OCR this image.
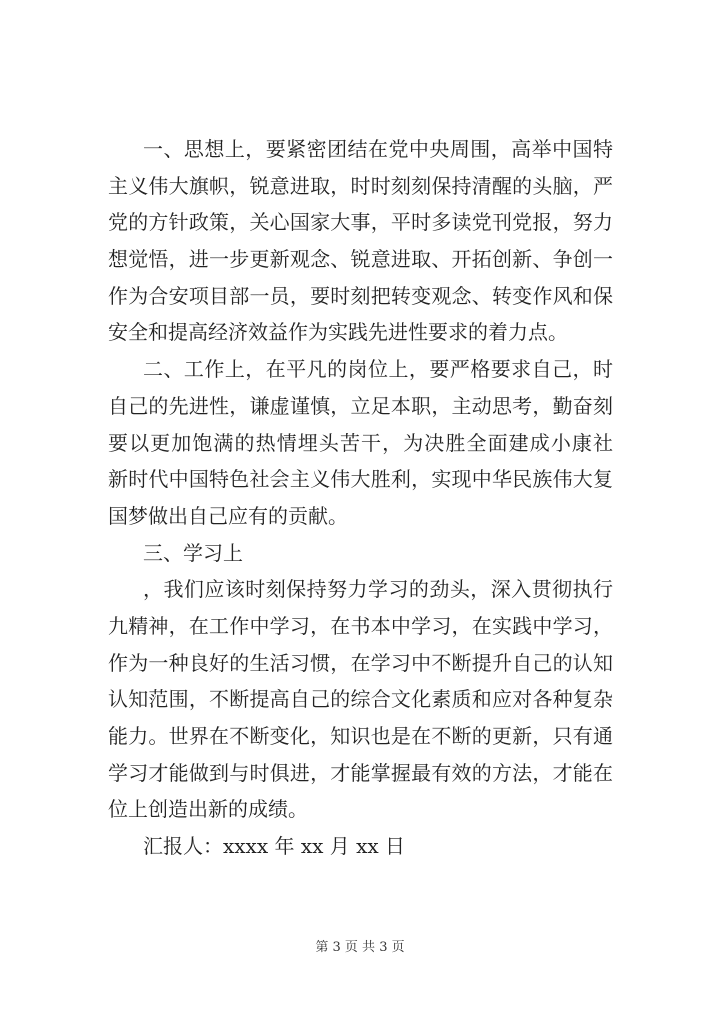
一、思想上，要紧密团结在党中央周围，高举中国特
主义伟大旗帜，锐意进取，时时刻刻保持清醒的头脑，严
党的方针政策，关心国家大事，平时多读党刊党报，努力
想觉悟，进一步更新观念、锐意进取、开拓创新、争创一
作为合安项目部一员，要时刻把转变观念、转变作风和保
安全和提高经济效益作为实践先进性要求的着力点。
二、工作上，在平凡的岗位上，要严格要求自己，时
自己的先进性，谦虚谨慎，立足本职，主动思考，勤奋刻
要以更加饱满的热情埋头苦干，为决胜全面建成小康社
新时代中国特色社会主义伟大胜利，实现中华民族伟大复
国梦做出自己应有的贡献。
三、学习上
，我们应该时刻保持努力学习的劲头，深入贯彻执行
九精神，在工作中学习，在书本中学习，在实践中学习，
作为一种良好的生活习惯，在学习中不断提升自己的认知
认知范围，不断提高自己的综合文化素质和应对各种复杂
能力。世界在不断变化，知识也是在不断的更新，只有通
学习才能做到与时俱进，才能掌握最有效的方法，才能在
位上创造出新的成绩。
汇报人：xxxx 年 xx 月 xx 日
第 3 页 共 3 页
